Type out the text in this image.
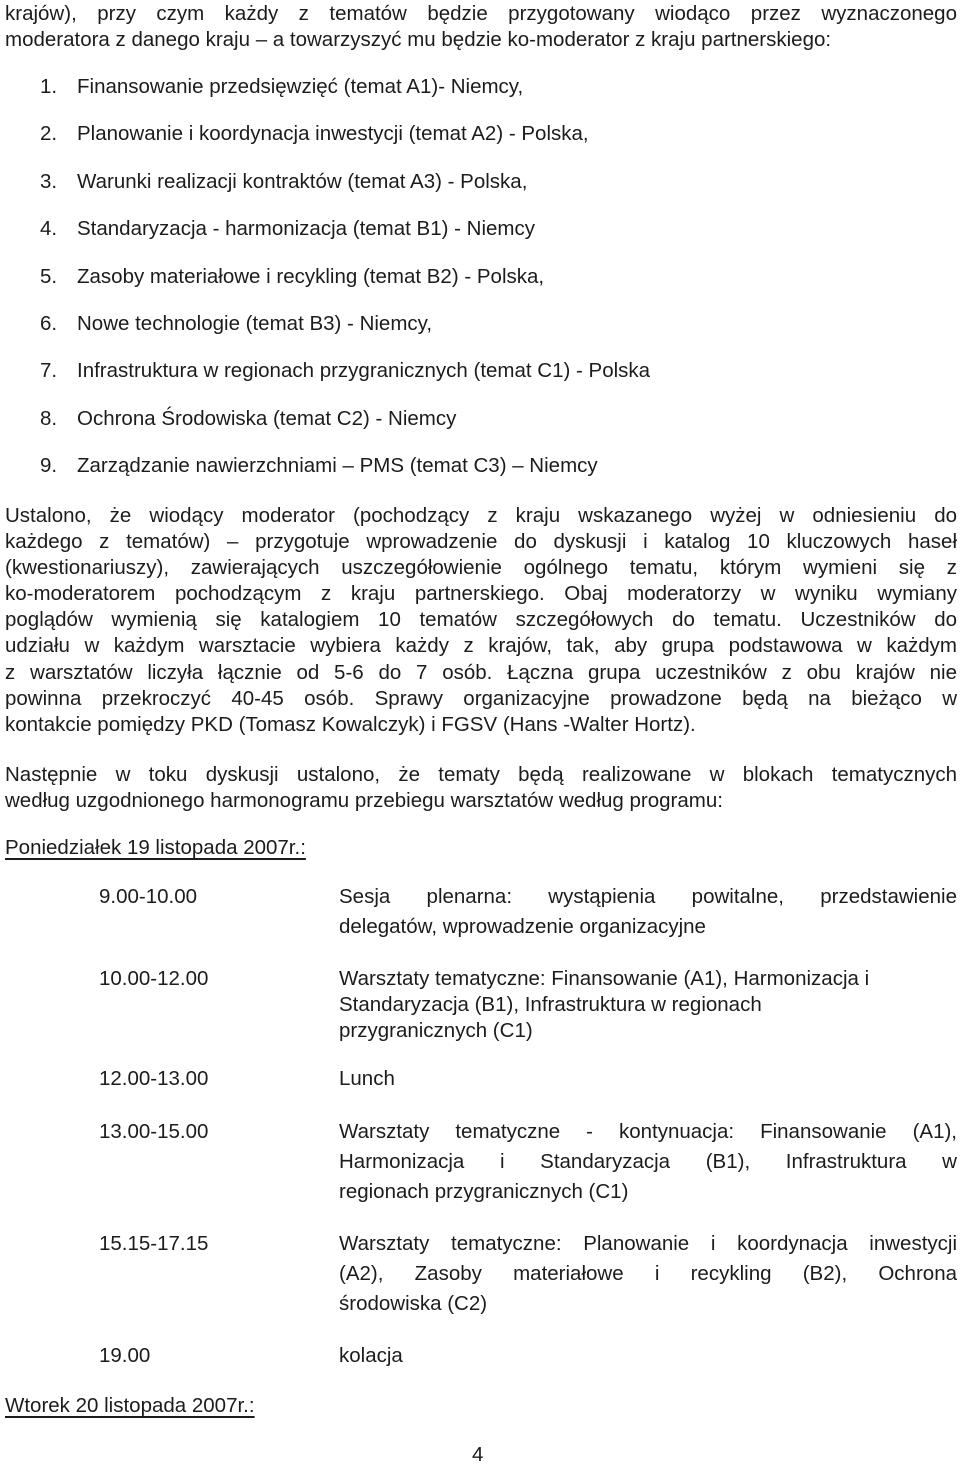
krajów), przy czym każdy z tematów będzie przygotowany wiodąco przez wyznaczonego
moderatora z danego kraju – a towarzyszyć mu będzie ko-moderator z kraju partnerskiego:
1. Finansowanie przedsięwzięć (temat A1)- Niemcy,
2. Planowanie i koordynacja inwestycji (temat A2) - Polska,
3. Warunki realizacji kontraktów (temat A3) - Polska,
4. Standaryzacja - harmonizacja (temat B1) - Niemcy
5. Zasoby materiałowe i recykling (temat B2) - Polska,
6. Nowe technologie (temat B3) - Niemcy,
7. Infrastruktura w regionach przygranicznych (temat C1) - Polska
8. Ochrona Środowiska (temat C2) - Niemcy
9. Zarządzanie nawierzchniami – PMS (temat C3) – Niemcy
Ustalono, że wiodący moderator (pochodzący z kraju wskazanego wyżej w odniesieniu do
każdego z tematów) – przygotuje wprowadzenie do dyskusji i katalog 10 kluczowych haseł
(kwestionariuszy), zawierających uszczegółowienie ogólnego tematu, którym wymieni się z
ko-moderatorem pochodzącym z kraju partnerskiego. Obaj moderatorzy w wyniku wymiany
poglądów wymienią się katalogiem 10 tematów szczegółowych do tematu. Uczestników do
udziału w każdym warsztacie wybiera każdy z krajów, tak, aby grupa podstawowa w każdym
z warsztatów liczyła łącznie od 5-6 do 7 osób. Łączna grupa uczestników z obu krajów nie
powinna przekroczyć 40-45 osób. Sprawy organizacyjne prowadzone będą na bieżąco w
kontakcie pomiędzy PKD (Tomasz Kowalczyk) i FGSV (Hans -Walter Hortz).
Następnie w toku dyskusji ustalono, że tematy będą realizowane w blokach tematycznych
według uzgodnionego harmonogramu przebiegu warsztatów według programu:
Poniedziałek 19 listopada 2007r.:
9.00-10.00	Sesja plenarna: wystąpienia powitalne, przedstawienie
delegatów, wprowadzenie organizacyjne
10.00-12.00	Warsztaty tematyczne: Finansowanie (A1), Harmonizacja i
Standaryzacja (B1), Infrastruktura w regionach
przygranicznych (C1)
12.00-13.00	Lunch
13.00-15.00	Warsztaty tematyczne - kontynuacja: Finansowanie (A1),
Harmonizacja i Standaryzacja (B1), Infrastruktura w
regionach przygranicznych (C1)
15.15-17.15	Warsztaty tematyczne: Planowanie i koordynacja inwestycji
(A2), Zasoby materiałowe i recykling (B2), Ochrona
środowiska (C2)
19.00	kolacja
Wtorek 20 listopada 2007r.:
4
